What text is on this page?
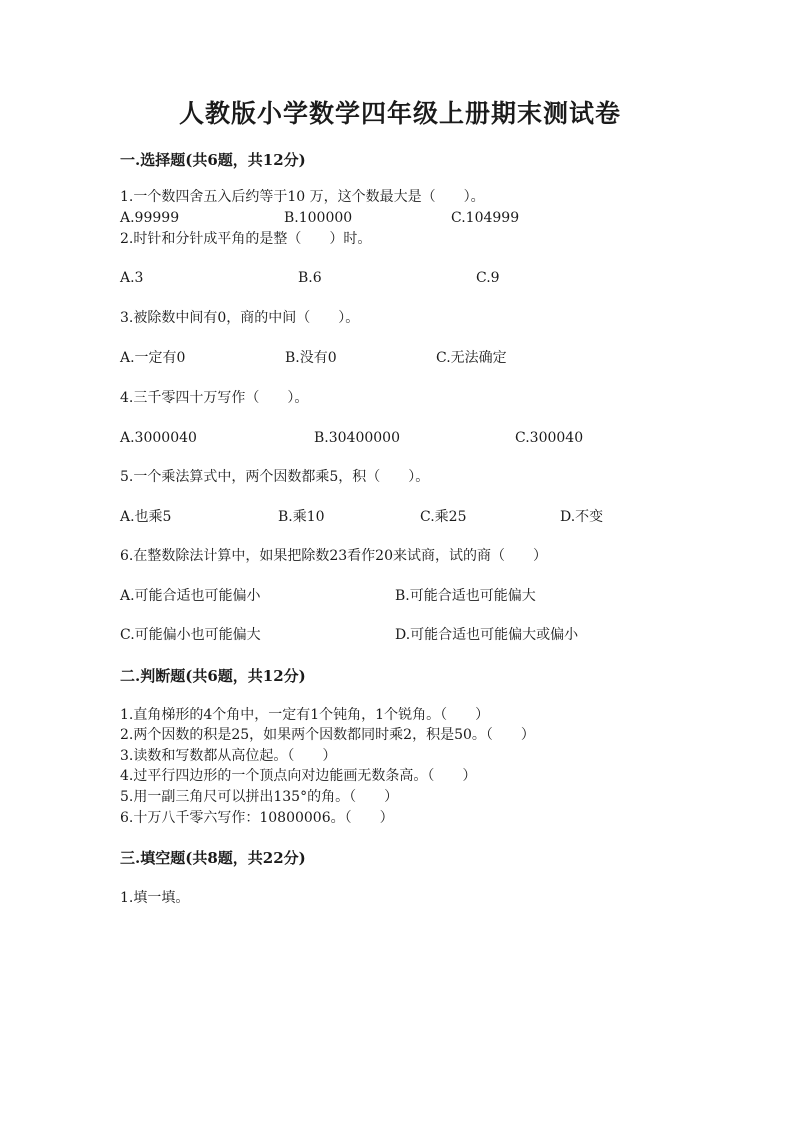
人教版小学数学四年级上册期末测试卷
一.选择题(共6题，共12分)
1.一个数四舍五入后约等于10 万，这个数最大是（　　）。
A.99999	B.100000	C.104999
2.时针和分针成平角的是整（　　）时。
A.3	B.6	C.9
3.被除数中间有0，商的中间（　　）。
A.一定有0	B.没有0	C.无法确定
4.三千零四十万写作（　　）。
A.3000040	B.30400000	C.300040
5.一个乘法算式中，两个因数都乘5，积（　　）。
A.也乘5	B.乘10	C.乘25	D.不变
6.在整数除法计算中，如果把除数23看作20来试商，试的商（　　）
A.可能合适也可能偏小	B.可能合适也可能偏大
C.可能偏小也可能偏大	D.可能合适也可能偏大或偏小
二.判断题(共6题，共12分)
1.直角梯形的4个角中，一定有1个钝角，1个锐角。（　　）
2.两个因数的积是25，如果两个因数都同时乘2，积是50。（　　）
3.读数和写数都从高位起。（　　）
4.过平行四边形的一个顶点向对边能画无数条高。（　　）
5.用一副三角尺可以拼出135°的角。（　　）
6.十万八千零六写作：10800006。（　　）
三.填空题(共8题，共22分)
1.填一填。
